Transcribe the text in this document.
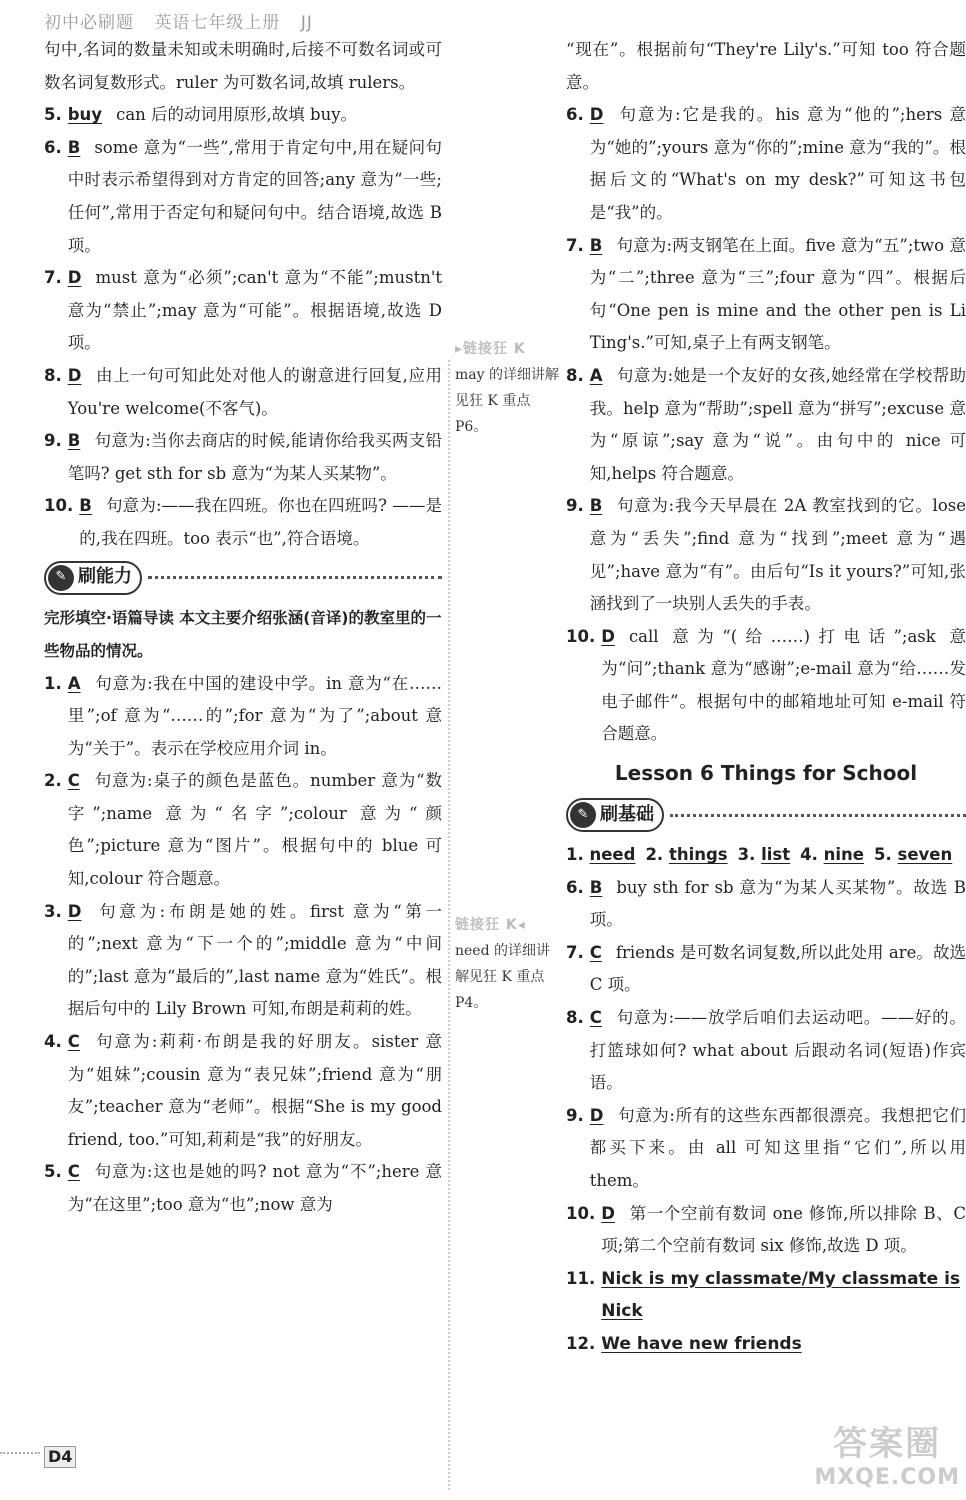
初中必刷题 英语七年级上册 JJ
句中,名词的数量未知或未明确时,后接不可数名词或可数名词复数形式。ruler 为可数名词,故填 rulers。
5. buy can 后的动词用原形,故填 buy。
6. B some 意为“一些”,常用于肯定句中,用在疑问句中时表示希望得到对方肯定的回答;any 意为“一些;任何”,常用于否定句和疑问句中。结合语境,故选 B 项。
7. D must 意为“必须”;can't 意为“不能”;mustn't 意为“禁止”;may 意为“可能”。根据语境,故选 D 项。
8. D 由上一句可知此处对他人的谢意进行回复,应用 You're welcome(不客气)。
9. B 句意为:当你去商店的时候,能请你给我买两支铅笔吗? get sth for sb 意为“为某人买某物”。
10. B 句意为:——我在四班。你也在四班吗? ——是的,我在四班。too 表示“也”,符合语境。
✎ 刷能力
完形填空·语篇导读 本文主要介绍张涵(音译)的教室里的一些物品的情况。
1. A 句意为:我在中国的建设中学。in 意为“在……里”;of 意为“……的”;for 意为“为了”;about 意为“关于”。表示在学校应用介词 in。
2. C 句意为:桌子的颜色是蓝色。number 意为“数字”;name 意为“名字”;colour 意为“颜色”;picture 意为“图片”。根据句中的 blue 可知,colour 符合题意。
3. D 句意为:布朗是她的姓。first 意为“第一的”;next 意为“下一个的”;middle 意为“中间的”;last 意为“最后的”,last name 意为“姓氏”。根据后句中的 Lily Brown 可知,布朗是莉莉的姓。
4. C 句意为:莉莉·布朗是我的好朋友。sister 意为“姐妹”;cousin 意为“表兄妹”;friend 意为“朋友”;teacher 意为“老师”。根据“She is my good friend, too.”可知,莉莉是“我”的好朋友。
5. C 句意为:这也是她的吗? not 意为“不”;here 意为“在这里”;too 意为“也”;now 意为
▸链接狂 K
may 的详细讲解见狂 K 重点 P6。
链接狂 K◂
need 的详细讲解见狂 K 重点 P4。
“现在”。根据前句“They're Lily's.”可知 too 符合题意。
6. D 句意为:它是我的。his 意为“他的”;hers 意为“她的”;yours 意为“你的”;mine 意为“我的”。根据后文的“What's on my desk?”可知这书包是“我”的。
7. B 句意为:两支钢笔在上面。five 意为“五”;two 意为“二”;three 意为“三”;four 意为“四”。根据后句“One pen is mine and the other pen is Li Ting's.”可知,桌子上有两支钢笔。
8. A 句意为:她是一个友好的女孩,她经常在学校帮助我。help 意为“帮助”;spell 意为“拼写”;excuse 意为“原谅”;say 意为“说”。由句中的 nice 可知,helps 符合题意。
9. B 句意为:我今天早晨在 2A 教室找到的它。lose 意为“丢失”;find 意为“找到”;meet 意为“遇见”;have 意为“有”。由后句“Is it yours?”可知,张涵找到了一块别人丢失的手表。
10. D call 意为“(给……)打电话”;ask 意为“问”;thank 意为“感谢”;e-mail 意为“给……发电子邮件”。根据句中的邮箱地址可知 e-mail 符合题意。
Lesson 6 Things for School
✎ 刷基础
1. need 2. things 3. list 4. nine 5. seven
6. B buy sth for sb 意为“为某人买某物”。故选 B 项。
7. C friends 是可数名词复数,所以此处用 are。故选 C 项。
8. C 句意为:——放学后咱们去运动吧。——好的。打篮球如何? what about 后跟动名词(短语)作宾语。
9. D 句意为:所有的这些东西都很漂亮。我想把它们都买下来。由 all 可知这里指“它们”,所以用 them。
10. D 第一个空前有数词 one 修饰,所以排除 B、C 项;第二个空前有数词 six 修饰,故选 D 项。
11. Nick is my classmate/My classmate is Nick
12. We have new friends
D4	答案圈
MXQE.COM
